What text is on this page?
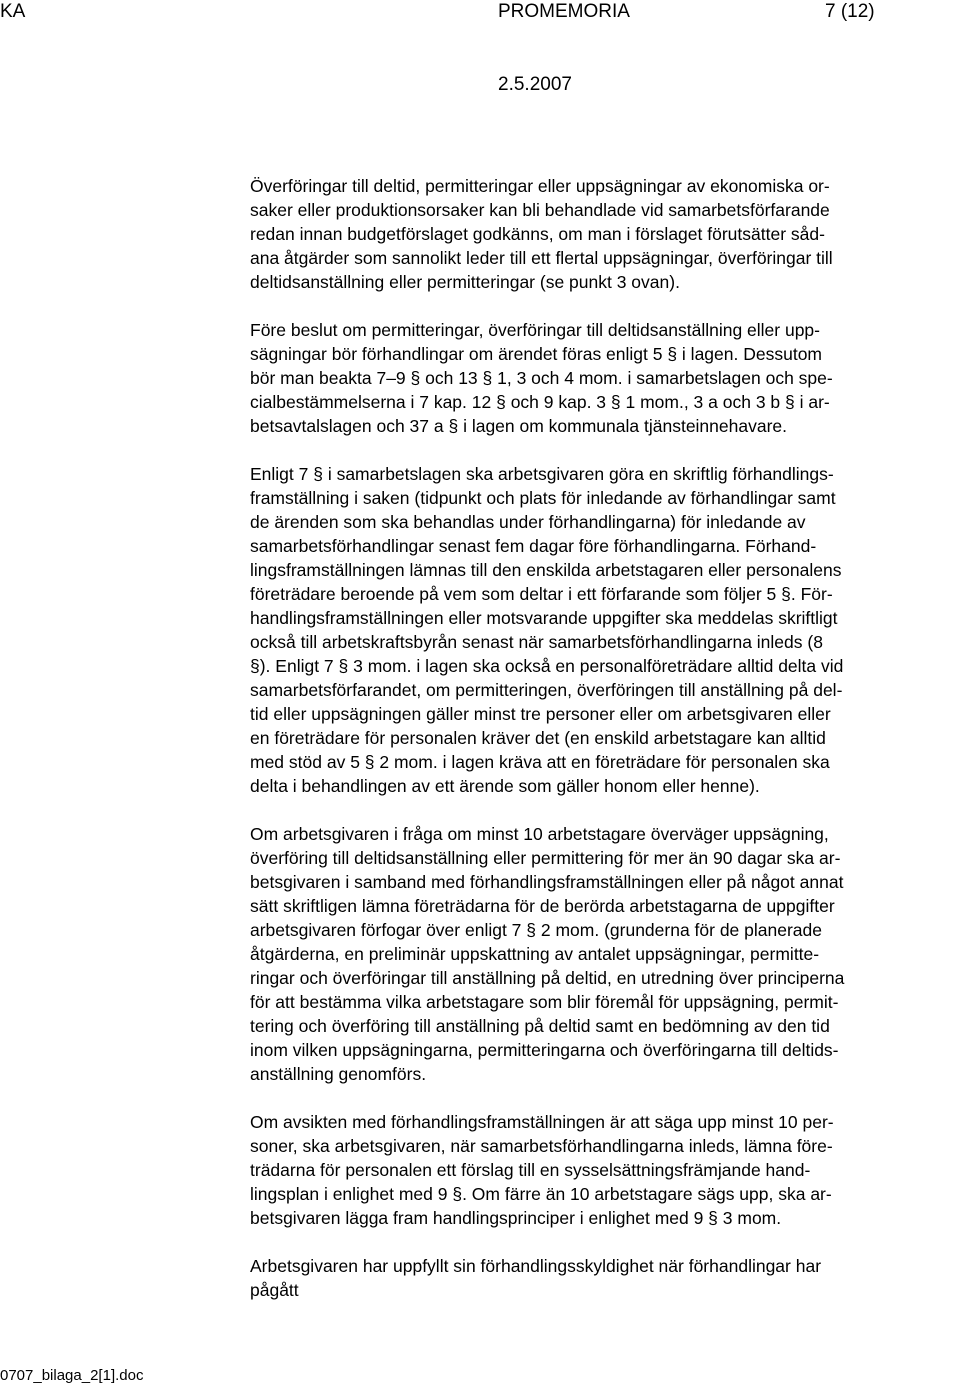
KA	PROMEMORIA	7 (12)
2.5.2007
Överföringar till deltid, permitteringar eller uppsägningar av ekonomiska or-
saker eller produktionsorsaker kan bli behandlade vid samarbetsförfarande
redan innan budgetförslaget godkänns, om man i förslaget förutsätter såd-
ana åtgärder som sannolikt leder till ett flertal uppsägningar, överföringar till
deltidsanställning eller permitteringar (se punkt 3 ovan).
Före beslut om permitteringar, överföringar till deltidsanställning eller upp-
sägningar bör förhandlingar om ärendet föras enligt 5 § i lagen. Dessutom
bör man beakta 7–9 § och 13 § 1, 3 och 4 mom. i samarbetslagen och spe-
cialbestämmelserna i 7 kap. 12 § och 9 kap. 3 § 1 mom., 3 a och 3 b § i ar-
betsavtalslagen och 37 a § i lagen om kommunala tjänsteinnehavare.
Enligt 7 § i samarbetslagen ska arbetsgivaren göra en skriftlig förhandlings-
framställning i saken (tidpunkt och plats för inledande av förhandlingar samt
de ärenden som ska behandlas under förhandlingarna) för inledande av
samarbetsförhandlingar senast fem dagar före förhandlingarna. Förhand-
lingsframställningen lämnas till den enskilda arbetstagaren eller personalens
företrädare beroende på vem som deltar i ett förfarande som följer 5 §. För-
handlingsframställningen eller motsvarande uppgifter ska meddelas skriftligt
också till arbetskraftsbyrån senast när samarbetsförhandlingarna inleds (8
§). Enligt 7 § 3 mom. i lagen ska också en personalföreträdare alltid delta vid
samarbetsförfarandet, om permitteringen, överföringen till anställning på del-
tid eller uppsägningen gäller minst tre personer eller om arbetsgivaren eller
en företrädare för personalen kräver det (en enskild arbetstagare kan alltid
med stöd av 5 § 2 mom. i lagen kräva att en företrädare för personalen ska
delta i behandlingen av ett ärende som gäller honom eller henne).
Om arbetsgivaren i fråga om minst 10 arbetstagare överväger uppsägning,
överföring till deltidsanställning eller permittering för mer än 90 dagar ska ar-
betsgivaren i samband med förhandlingsframställningen eller på något annat
sätt skriftligen lämna företrädarna för de berörda arbetstagarna de uppgifter
arbetsgivaren förfogar över enligt 7 § 2 mom. (grunderna för de planerade
åtgärderna, en preliminär uppskattning av antalet uppsägningar, permitte-
ringar och överföringar till anställning på deltid, en utredning över principerna
för att bestämma vilka arbetstagare som blir föremål för uppsägning, permit-
tering och överföring till anställning på deltid samt en bedömning av den tid
inom vilken uppsägningarna, permitteringarna och överföringarna till deltids-
anställning genomförs.
Om avsikten med förhandlingsframställningen är att säga upp minst 10 per-
soner, ska arbetsgivaren, när samarbetsförhandlingarna inleds, lämna före-
trädarna för personalen ett förslag till en sysselsättningsfrämjande hand-
lingsplan i enlighet med 9 §. Om färre än 10 arbetstagare sägs upp, ska ar-
betsgivaren lägga fram handlingsprinciper i enlighet med 9 § 3 mom.
Arbetsgivaren har uppfyllt sin förhandlingsskyldighet när förhandlingar har
pågått
0707_bilaga_2[1].doc
